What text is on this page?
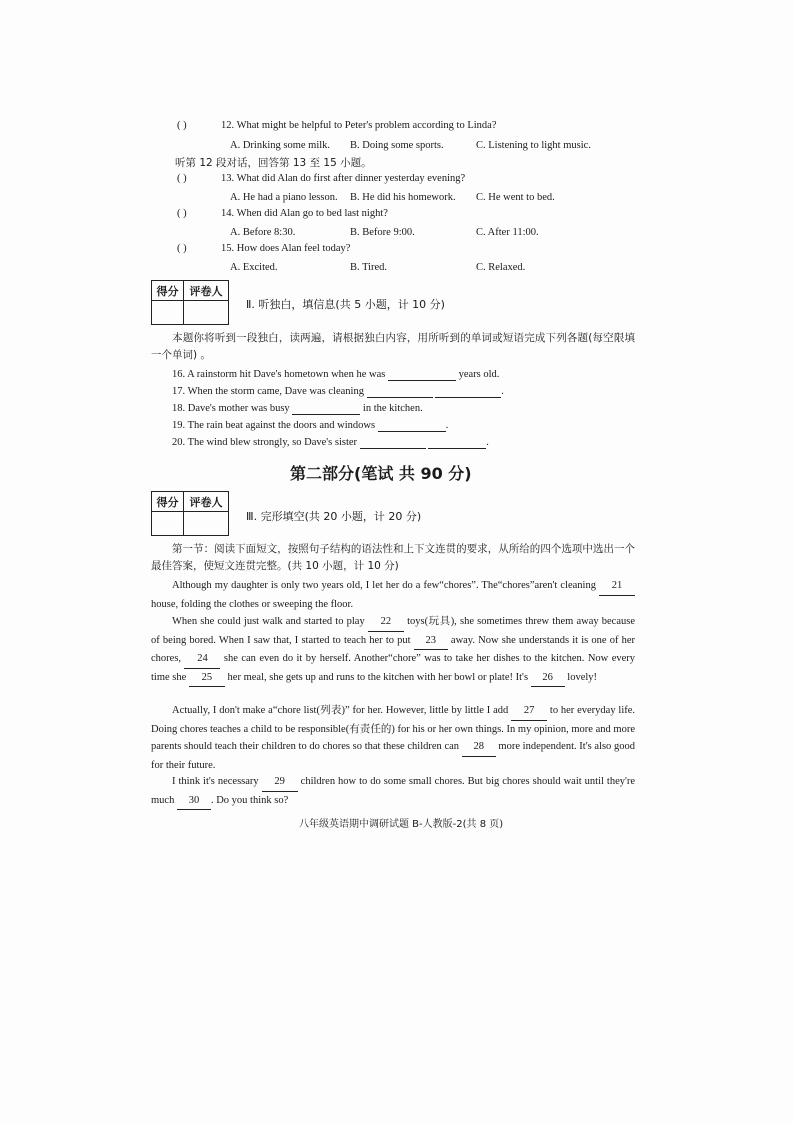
( )	12. What might be helpful to Peter's problem according to Linda?
A. Drinking some milk. B. Doing some sports.	C. Listening to light music.
听第 12 段对话，回答第 13 至 15 小题。
( )	13. What did Alan do first after dinner yesterday evening?
A. He had a piano lesson. B. He did his homework. C. He went to bed.
( )	14. When did Alan go to bed last night?
A. Before 8:30.	B. Before 9:00.	C. After 11:00.
( )	15. How does Alan feel today?
A. Excited.	B. Tired.	C. Relaxed.
得分	评卷人
Ⅱ. 听独白，填信息(共 5 小题，计 10 分)
本题你将听到一段独白，读两遍，请根据独白内容，用所听到的单词或短语完成下列各题(每空限填一个单词) 。
16. A rainstorm hit Dave's hometown when he was	years old.
17. When the storm came, Dave was cleaning	.
18. Dave's mother was busy	in the kitchen.
19. The rain beat against the doors and windows	.
20. The wind blew strongly, so Dave's sister	.
第二部分(笔试 共 90 分)
得分	评卷人
Ⅲ. 完形填空(共 20 小题，计 20 分)
第一节：阅读下面短文，按照句子结构的语法性和上下文连贯的要求，从所给的四个选项中选出一个最佳答案，使短文连贯完整。(共 10 小题，计 10 分)
Although my daughter is only two years old, I let her do a few“chores”. The“chores”aren't cleaning 21 house, folding the clothes or sweeping the floor.
When she could just walk and started to play 22 toys(玩具), she sometimes threw them away because of being bored. When I saw that, I started to teach her to put 23 away. Now she understands it is one of her chores, 24 she can even do it by herself. Another“chore” was to take her dishes to the kitchen. Now every time she 25 her meal, she gets up and runs to the kitchen with her bowl or plate! It's 26 lovely!
Actually, I don't make a“chore list(列表)” for her. However, little by little I add 27 to her everyday life. Doing chores teaches a child to be responsible(有责任的) for his or her own things. In my opinion, more and more parents should teach their children to do chores so that these children can 28 more independent. It's also good for their future.
I think it's necessary 29 children how to do some small chores. But big chores should wait until they're much 30 . Do you think so?
八年级英语期中调研试题 B-人教版-2(共 8 页)
